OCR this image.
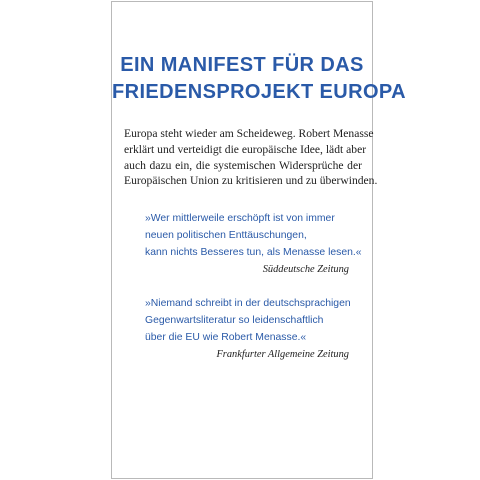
EIN MANIFEST FÜR DAS
FRIEDENSPROJEKT EUROPA

Europa steht wieder am Scheideweg. Robert Menasse
erklärt und verteidigt die europäische Idee, lädt aber
auch dazu ein, die systemischen Widersprüche der
Europäischen Union zu kritisieren und zu überwinden.

»Wer mittlerweile erschöpft ist von immer
neuen politischen Enttäuschungen,
kann nichts Besseres tun, als Menasse lesen.«
Süddeutsche Zeitung
»Niemand schreibt in der deutschsprachigen
Gegenwartsliteratur so leidenschaftlich
über die EU wie Robert Menasse.«
Frankfurter Allgemeine Zeitung
